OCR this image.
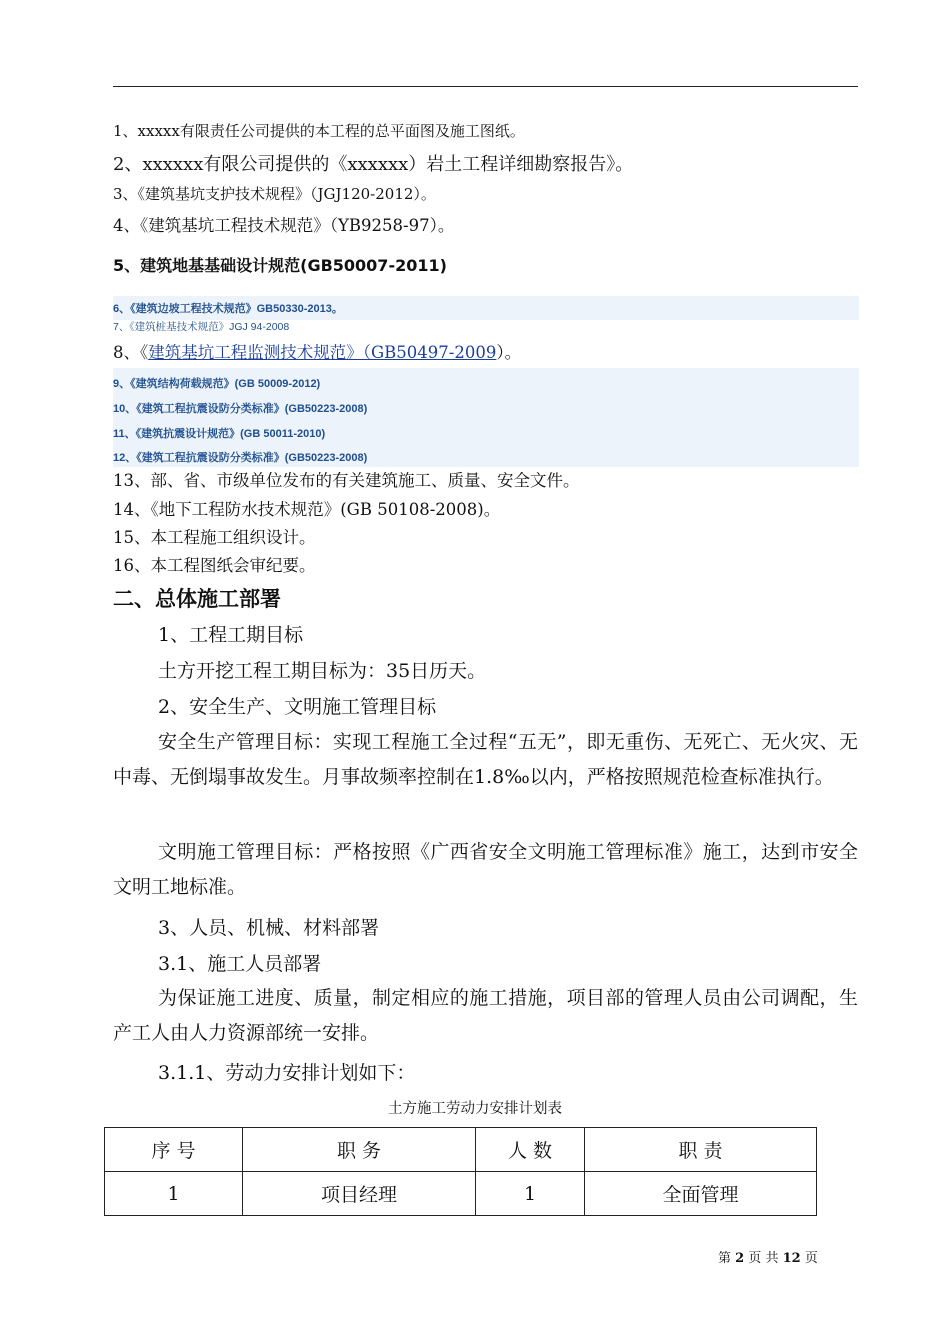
1、xxxxx有限责任公司提供的本工程的总平面图及施工图纸。
2、xxxxxx有限公司提供的《xxxxxx）岩土工程详细勘察报告》。
3、《建筑基坑支护技术规程》（JGJ120-2012）。
4、《建筑基坑工程技术规范》（YB9258-97）。
5、建筑地基基础设计规范(GB50007-2011)
6、《建筑边坡工程技术规范》GB50330-2013。
7、《建筑桩基技术规范》JGJ 94-2008
8、《建筑基坑工程监测技术规范》（GB50497-2009）。
9、《建筑结构荷载规范》(GB 50009-2012)
10、《建筑工程抗震设防分类标准》(GB50223-2008)
11、《建筑抗震设计规范》(GB 50011-2010)
12、《建筑工程抗震设防分类标准》(GB50223-2008)
13、部、省、市级单位发布的有关建筑施工、质量、安全文件。
14、《地下工程防水技术规范》(GB 50108-2008)。
15、本工程施工组织设计。
16、本工程图纸会审纪要。
二、总体施工部署
1、工程工期目标
土方开挖工程工期目标为：35日历天。
2、安全生产、文明施工管理目标
安全生产管理目标：实现工程施工全过程“五无”，即无重伤、无死亡、无火灾、无中毒、无倒塌事故发生。月事故频率控制在1.8‰以内，严格按照规范检查标准执行。
文明施工管理目标：严格按照《广西省安全文明施工管理标准》施工，达到市安全文明工地标准。
3、人员、机械、材料部署
3.1、施工人员部署
为保证施工进度、质量，制定相应的施工措施，项目部的管理人员由公司调配，生产工人由人力资源部统一安排。
3.1.1、劳动力安排计划如下：
土方施工劳动力安排计划表
序 号	职 务	人 数	职 责
1	项目经理	1	全面管理
第 2 页 共 12 页
